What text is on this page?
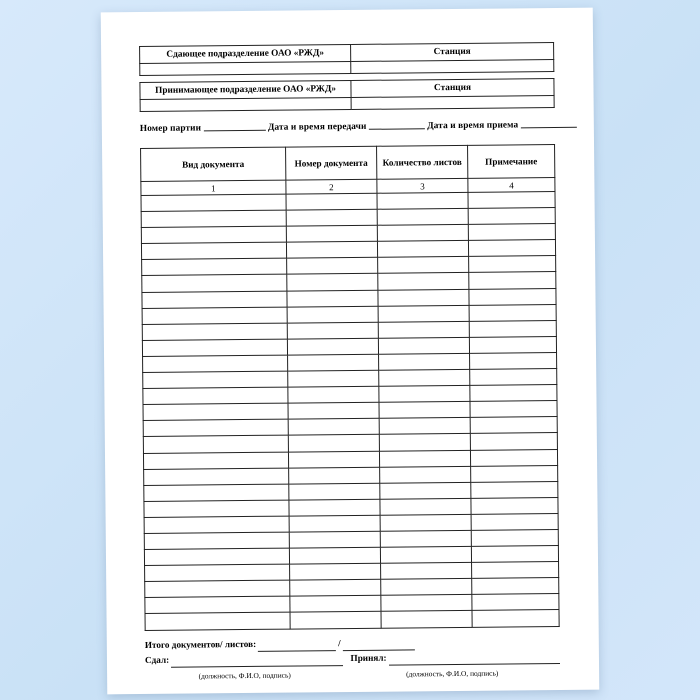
Сдающее подразделение ОАО «РЖД»	Станция

Принимающее подразделение ОАО «РЖД»	Станция

Номер партии	Дата и время передачи	Дата и время приема
Вид документа	Номер документа	Количество листов	Примечание
1	2	3	4

Итого документов/ листов:	/
Сдал:	Принял:
(должность, Ф.И.О, подпись)	(должность, Ф.И.О, подпись)
